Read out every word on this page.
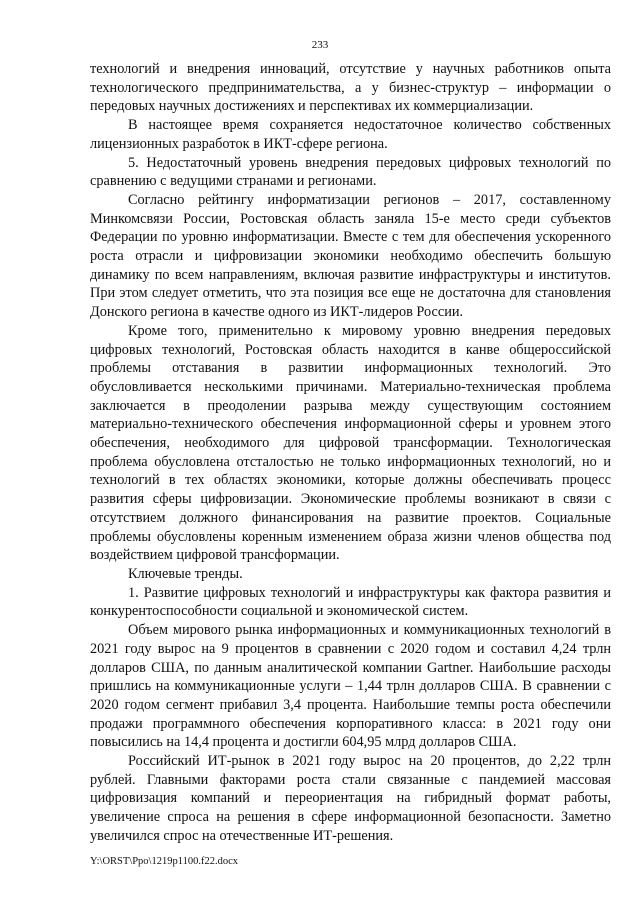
233

технологий и внедрения инноваций, отсутствие у научных работников опыта технологического предпринимательства, а у бизнес-структур – информации о передовых научных достижениях и перспективах их коммерциализации.

В настоящее время сохраняется недостаточное количество собственных лицензионных разработок в ИКТ-сфере региона.

5. Недостаточный уровень внедрения передовых цифровых технологий по сравнению с ведущими странами и регионами.

Согласно рейтингу информатизации регионов – 2017, составленному Минкомсвязи России, Ростовская область заняла 15-е место среди субъектов Федерации по уровню информатизации. Вместе с тем для обеспечения ускоренного роста отрасли и цифровизации экономики необходимо обеспечить большую динамику по всем направлениям, включая развитие инфраструктуры и институтов. При этом следует отметить, что эта позиция все еще не достаточна для становления Донского региона в качестве одного из ИКТ-лидеров России.

Кроме того, применительно к мировому уровню внедрения передовых цифровых технологий, Ростовская область находится в канве общероссийской проблемы отставания в развитии информационных технологий. Это обусловливается несколькими причинами. Материально-техническая проблема заключается в преодолении разрыва между существующим состоянием материально-технического обеспечения информационной сферы и уровнем этого обеспечения, необходимого для цифровой трансформации. Технологическая проблема обусловлена отсталостью не только информационных технологий, но и технологий в тех областях экономики, которые должны обеспечивать процесс развития сферы цифровизации. Экономические проблемы возникают в связи с отсутствием должного финансирования на развитие проектов. Социальные проблемы обусловлены коренным изменением образа жизни членов общества под воздействием цифровой трансформации.

Ключевые тренды.

1. Развитие цифровых технологий и инфраструктуры как фактора развития и конкурентоспособности социальной и экономической систем.

Объем мирового рынка информационных и коммуникационных технологий в 2021 году вырос на 9 процентов в сравнении с 2020 годом и составил 4,24 трлн долларов США, по данным аналитической компании Gartner. Наибольшие расходы пришлись на коммуникационные услуги – 1,44 трлн долларов США. В сравнении с 2020 годом сегмент прибавил 3,4 процента. Наибольшие темпы роста обеспечили продажи программного обеспечения корпоративного класса: в 2021 году они повысились на 14,4 процента и достигли 604,95 млрд долларов США.

Российский ИТ-рынок в 2021 году вырос на 20 процентов, до 2,22 трлн рублей. Главными факторами роста стали связанные с пандемией массовая цифровизация компаний и переориентация на гибридный формат работы, увеличение спроса на решения в сфере информационной безопасности. Заметно увеличился спрос на отечественные ИТ-решения.

Y:\ORST\Ppo\1219p1100.f22.docx
